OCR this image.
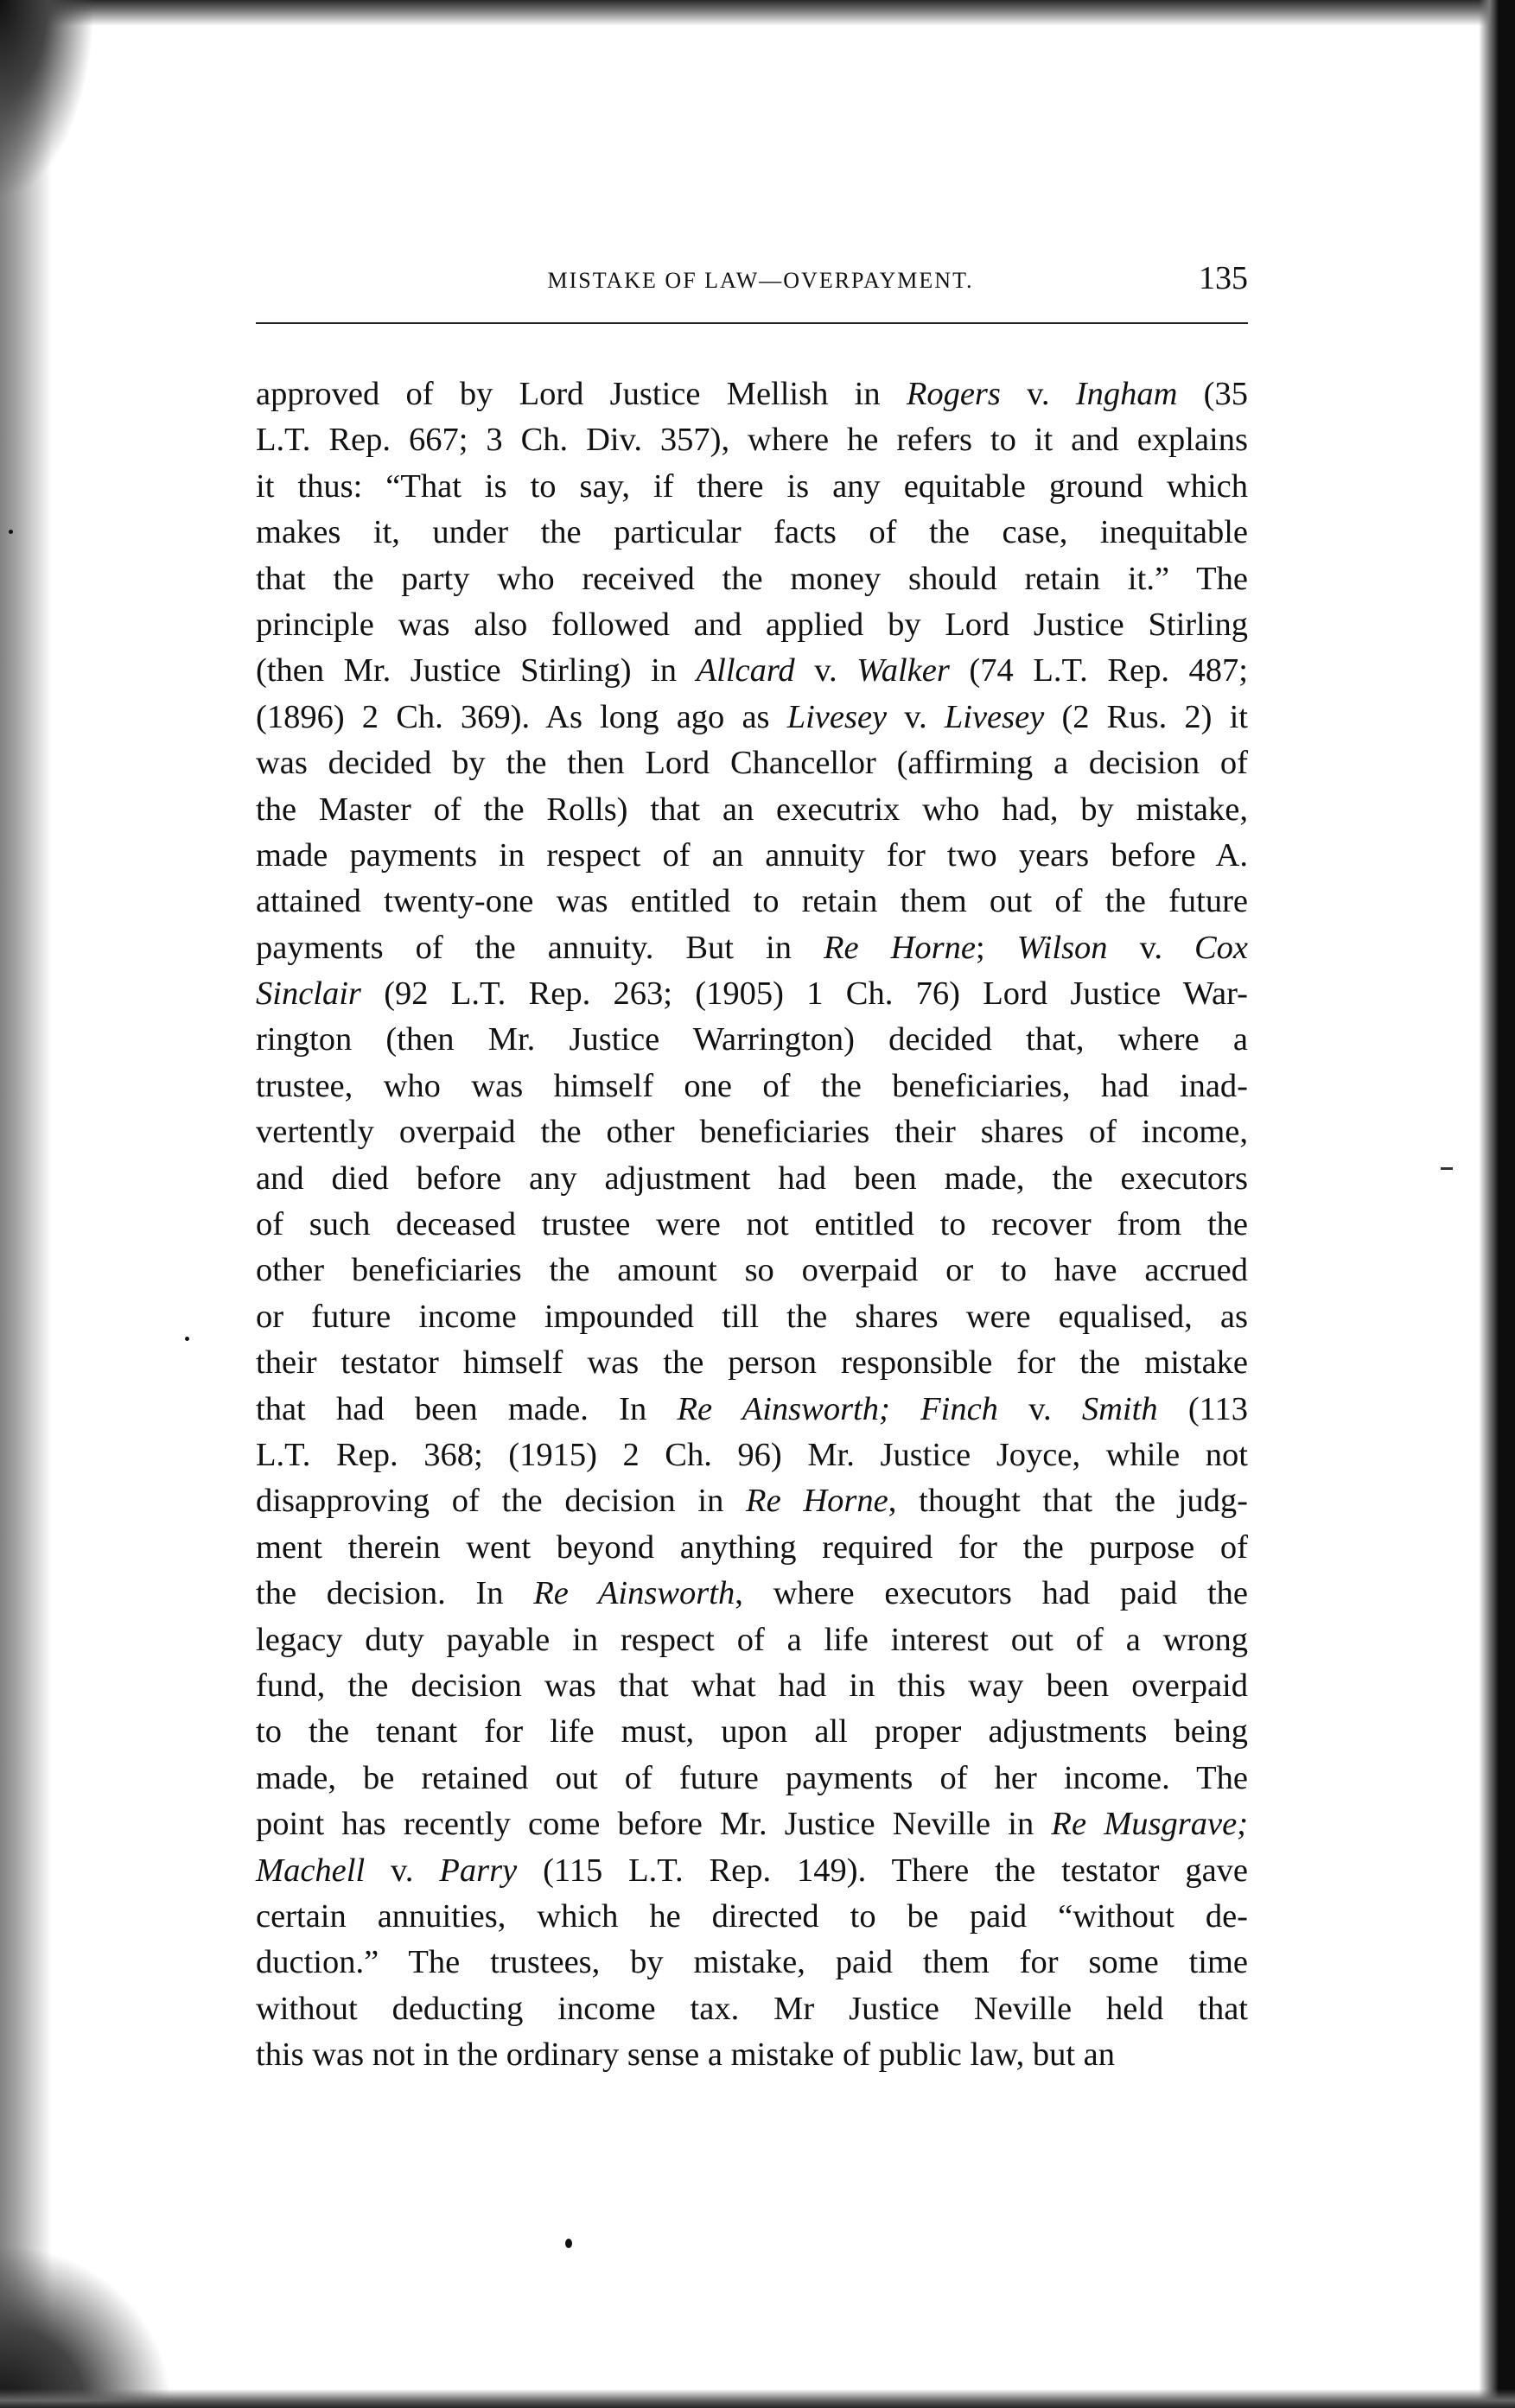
MISTAKE OF LAW—OVERPAYMENT.	135
approved of by Lord Justice Mellish in Rogers v. Ingham (35
L.T. Rep. 667; 3 Ch. Div. 357), where he refers to it and explains
it thus: “That is to say, if there is any equitable ground which
makes it, under the particular facts of the case, inequitable
that the party who received the money should retain it.” The
principle was also followed and applied by Lord Justice Stirling
(then Mr. Justice Stirling) in Allcard v. Walker (74 L.T. Rep. 487;
(1896) 2 Ch. 369). As long ago as Livesey v. Livesey (2 Rus. 2) it
was decided by the then Lord Chancellor (affirming a decision of
the Master of the Rolls) that an executrix who had, by mistake,
made payments in respect of an annuity for two years before A.
attained twenty-one was entitled to retain them out of the future
payments of the annuity. But in Re Horne; Wilson v. Cox
Sinclair (92 L.T. Rep. 263; (1905) 1 Ch. 76) Lord Justice War-
rington (then Mr. Justice Warrington) decided that, where a
trustee, who was himself one of the beneficiaries, had inad-
vertently overpaid the other beneficiaries their shares of income,
and died before any adjustment had been made, the executors
of such deceased trustee were not entitled to recover from the
other beneficiaries the amount so overpaid or to have accrued
or future income impounded till the shares were equalised, as
their testator himself was the person responsible for the mistake
that had been made. In Re Ainsworth; Finch v. Smith (113
L.T. Rep. 368; (1915) 2 Ch. 96) Mr. Justice Joyce, while not
disapproving of the decision in Re Horne, thought that the judg-
ment therein went beyond anything required for the purpose of
the decision. In Re Ainsworth, where executors had paid the
legacy duty payable in respect of a life interest out of a wrong
fund, the decision was that what had in this way been overpaid
to the tenant for life must, upon all proper adjustments being
made, be retained out of future payments of her income. The
point has recently come before Mr. Justice Neville in Re Musgrave;
Machell v. Parry (115 L.T. Rep. 149). There the testator gave
certain annuities, which he directed to be paid “without de-
duction.” The trustees, by mistake, paid them for some time
without deducting income tax. Mr Justice Neville held that
this was not in the ordinary sense a mistake of public law, but an
